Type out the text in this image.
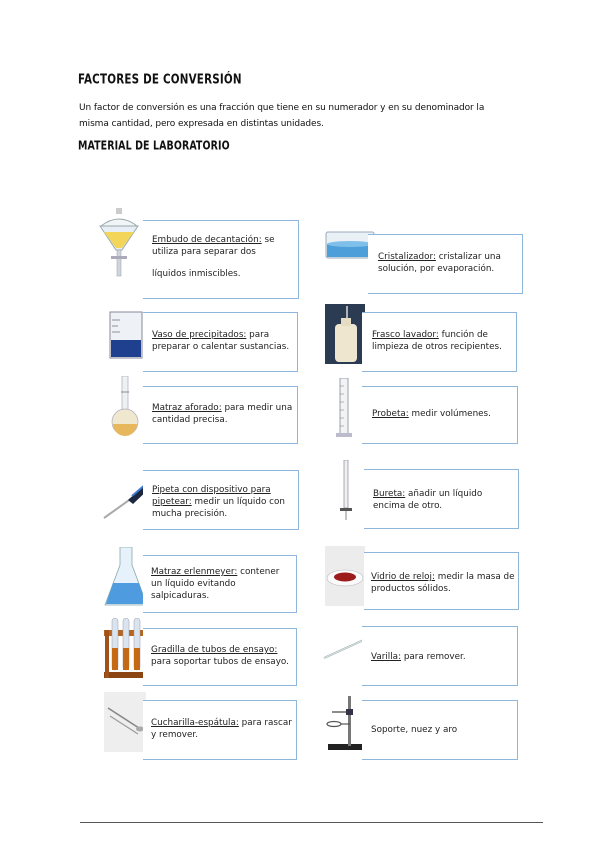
FACTORES DE CONVERSIÓN
Un factor de conversión es una fracción que tiene en su numerador y en su denominador la misma cantidad, pero expresada en distintas unidades.
MATERIAL DE LABORATORIO
Embudo de decantación: se utiliza para separar dos
líquidos inmiscibles.
Cristalizador: cristalizar una solución, por evaporación.
Vaso de precipitados: para preparar o calentar sustancias.
Frasco lavador: función de limpieza de otros recipientes.
Matraz aforado: para medir una cantidad precisa.
Probeta: medir volúmenes.
Pipeta con dispositivo para pipetear: medir un líquido con mucha precisión.
Bureta: añadir un líquido encima de otro.
Matraz erlenmeyer: contener un líquido evitando salpicaduras.
Vidrio de reloj: medir la masa de productos sólidos.
Gradilla de tubos de ensayo: para soportar tubos de ensayo.	Varilla: para remover.
Cucharilla-espátula: para rascar y remover.	Soporte, nuez y aro
